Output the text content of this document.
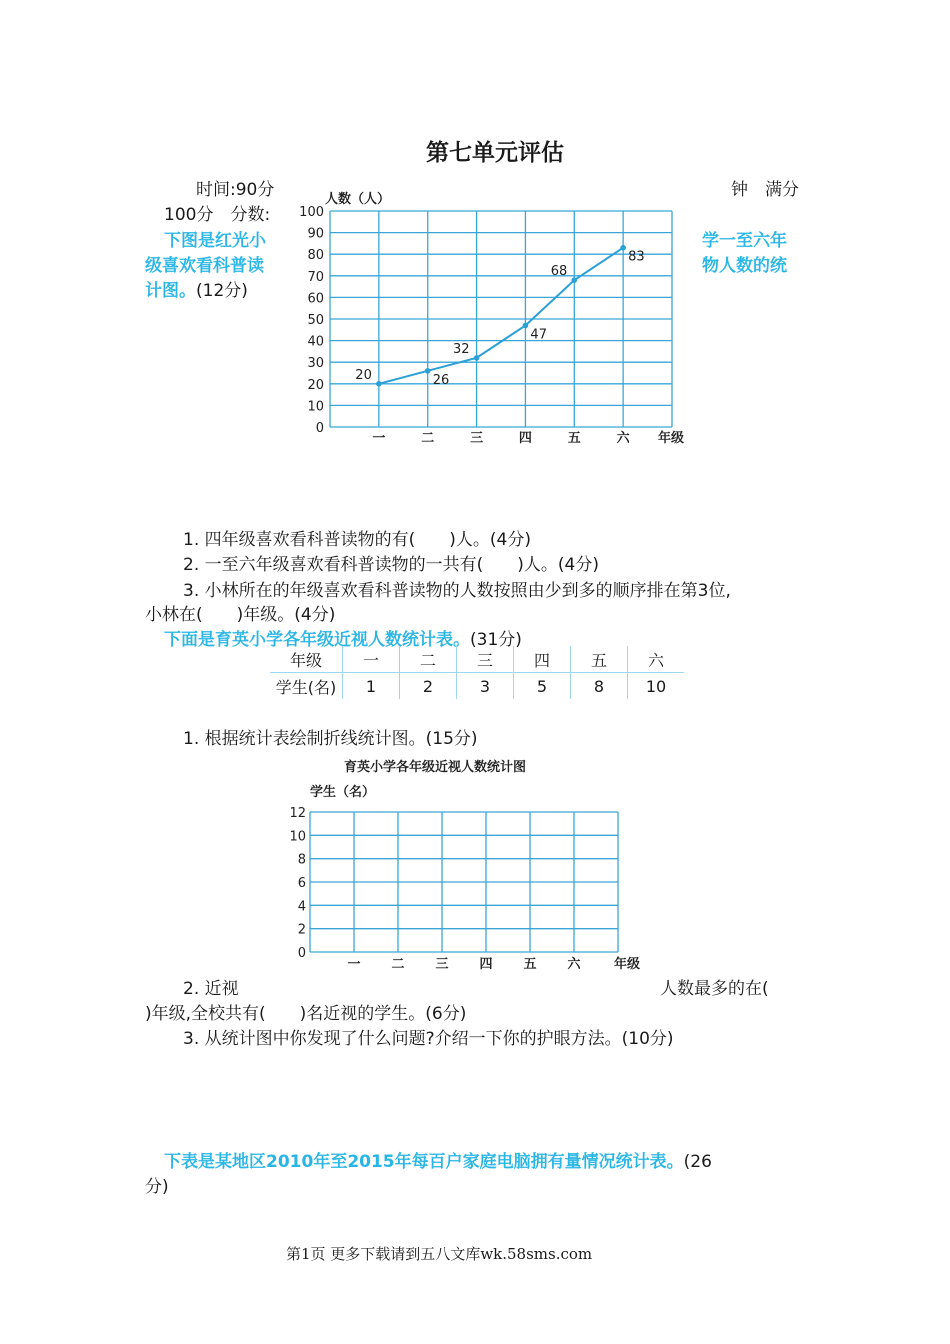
第七单元评估
时间:90分	钟　满分
100分　分数:
下图是红光小
级喜欢看科普读
计图。(12分)
学一至六年
物人数的统
人数（人）
0
10
20
30
40
50
60
70
80
90
100
一	二	三	四	五	六
20	26
32
47
68
83
年级
1. 四年级喜欢看科普读物的有(　　)人。(4分)
2. 一至六年级喜欢看科普读物的一共有(　　)人。(4分)
3. 小林所在的年级喜欢看科普读物的人数按照由少到多的顺序排在第3位,
小林在(　　)年级。(4分)
下面是育英小学各年级近视人数统计表。(31分)
年级	一	二	三	四	五	六
学生(名)	1	2	3	5	8	10
1. 根据统计表绘制折线统计图。(15分)
育英小学各年级近视人数统计图
学生（名）
0
2
4
6
8
10
12
一 二 三 四 五 六	年级
2. 近视	人数最多的在(
)年级,全校共有(　　)名近视的学生。(6分)
3. 从统计图中你发现了什么问题?介绍一下你的护眼方法。(10分)
下表是某地区2010年至2015年每百户家庭电脑拥有量情况统计表。(26
分)
第1页 更多下载请到五八文库wk.58sms.com
